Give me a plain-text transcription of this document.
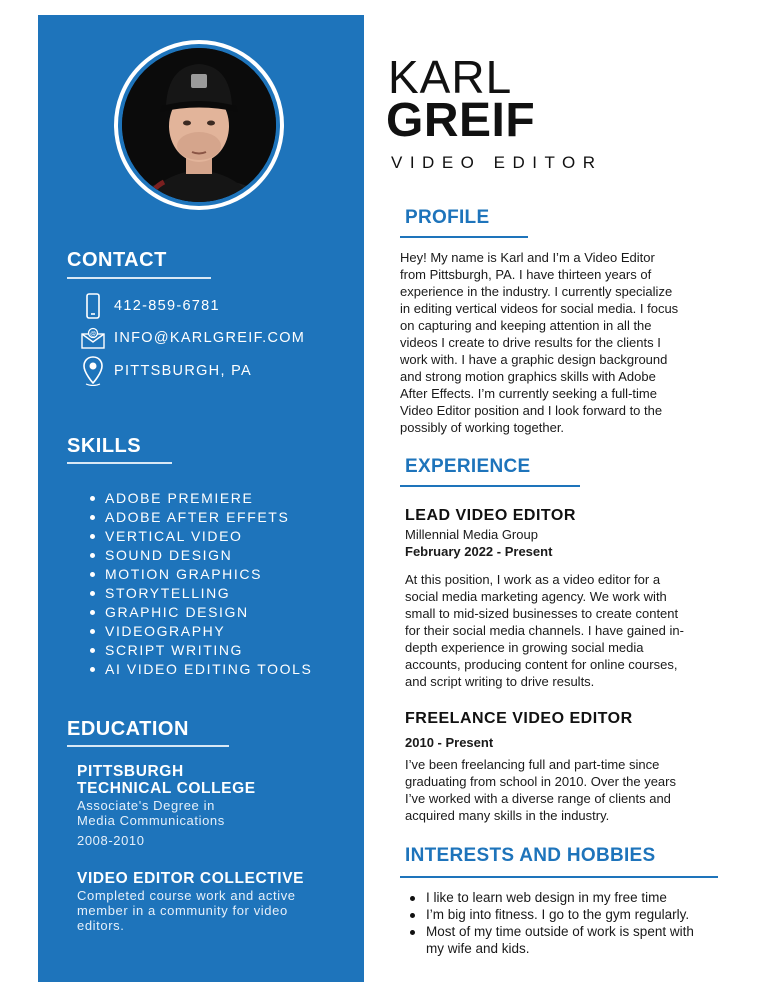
CONTACT
412-859-6781
@ INFO@KARLGREIF.COM
PITTSBURGH, PA
SKILLS
ADOBE PREMIERE
ADOBE AFTER EFFETS
VERTICAL VIDEO
SOUND DESIGN
MOTION GRAPHICS
STORYTELLING
GRAPHIC DESIGN
VIDEOGRAPHY
SCRIPT WRITING
AI VIDEO EDITING TOOLS
EDUCATION
PITTSBURGH
TECHNICAL COLLEGE
Associate's Degree in
Media Communications
2008-2010
VIDEO EDITOR COLLECTIVE
Completed course work and active
member in a community for video
editors.
KARL
GREIF
VIDEO EDITOR
PROFILE
Hey! My name is Karl and I’m a Video Editor
from Pittsburgh, PA. I have thirteen years of
experience in the industry. I currently specialize
in editing vertical videos for social media. I focus
on capturing and keeping attention in all the
videos I create to drive results for the clients I
work with. I have a graphic design background
and strong motion graphics skills with Adobe
After Effects. I’m currently seeking a full-time
Video Editor position and I look forward to the
possibly of working together.
EXPERIENCE
LEAD VIDEO EDITOR
Millennial Media Group
February 2022 - Present
At this position, I work as a video editor for a
social media marketing agency. We work with
small to mid-sized businesses to create content
for their social media channels. I have gained in-
depth experience in growing social media
accounts, producing content for online courses,
and script writing to drive results.
FREELANCE VIDEO EDITOR
2010 - Present
I’ve been freelancing full and part-time since
graduating from school in 2010. Over the years
I’ve worked with a diverse range of clients and
acquired many skills in the industry.
INTERESTS AND HOBBIES
I like to learn web design in my free time
I’m big into fitness. I go to the gym regularly.
Most of my time outside of work is spent with
my wife and kids.
